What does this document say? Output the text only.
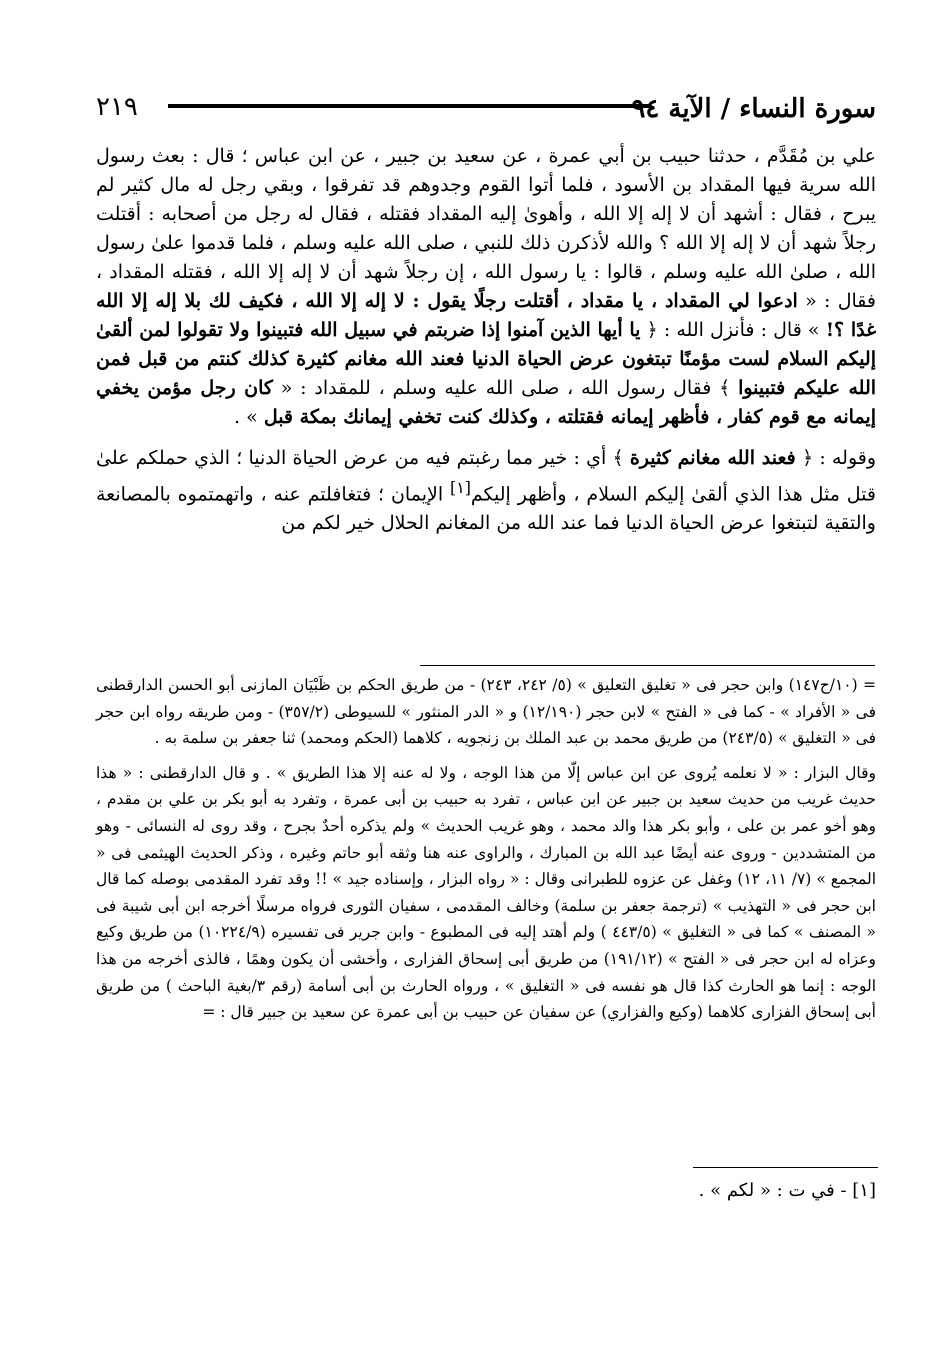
سورة النساء / الآية ٩٤
٢١٩

علي بن مُقَدَّم ، حدثنا حبيب بن أبي عمرة ، عن سعيد بن جبير ، عن ابن عباس ؛ قال : بعث رسول الله سرية فيها المقداد بن الأسود ، فلما أتوا القوم وجدوهم قد تفرقوا ، وبقي رجل له مال كثير لم يبرح ، فقال : أشهد أن لا إله إلا الله ، وأهوىٰ إليه المقداد فقتله ، فقال له رجل من أصحابه : أقتلت رجلاً شهد أن لا إله إلا الله ؟ والله لأذكرن ذلك للنبي ، صلى الله عليه وسلم ، فلما قدموا علىٰ رسول الله ، صلىٰ الله عليه وسلم ، قالوا : يا رسول الله ، إن رجلاً شهد أن لا إله إلا الله ، فقتله المقداد ، فقال : « ادعوا لي المقداد ، يا مقداد ، أقتلت رجلًا يقول : لا إله إلا الله ، فكيف لك بلا إله إلا الله غدًا ؟! » قال : فأنزل الله : ﴿ يا أيها الذين آمنوا إذا ضربتم في سبيل الله فتبينوا ولا تقولوا لمن ألقىٰ إليكم السلام لست مؤمنًا تبتغون عرض الحياة الدنيا فعند الله مغانم كثيرة كذلك كنتم من قبل فمن الله عليكم فتبينوا ﴾ فقال رسول الله ، صلى الله عليه وسلم ، للمقداد : « كان رجل مؤمن يخفي إيمانه مع قوم كفار ، فأظهر إيمانه فقتلته ، وكذلك كنت تخفي إيمانك بمكة قبل » .

وقوله : ﴿ فعند الله مغانم كثيرة ﴾ أي : خير مما رغبتم فيه من عرض الحياة الدنيا ؛ الذي حملكم علىٰ قتل مثل هذا الذي ألقىٰ إليكم السلام ، وأظهر إليكم[١] الإيمان ؛ فتغافلتم عنه ، واتهمتموه بالمصانعة والتقية لتبتغوا عرض الحياة الدنيا فما عند الله من المغانم الحلال خير لكم من

= (١٠/ح١٤٧) وابن حجر فى « تغليق التعليق » (٥/ ٢٤٢، ٢٤٣) - من طريق الحكم بن ظَبْيَان المازنى أبو الحسن الدارقطنى فى « الأفراد » - كما فى « الفتح » لابن حجر (١٢/١٩٠) و « الدر المنثور » للسيوطى (٣٥٧/٢) - ومن طريقه رواه ابن حجر فى « التغليق » (٢٤٣/٥) من طريق محمد بن عبد الملك بن زنجويه ، كلاهما (الحكم ومحمد) ثنا جعفر بن سلمة به .

وقال البزار : « لا نعلمه يُروى عن ابن عباس إلّا من هذا الوجه ، ولا له عنه إلا هذا الطريق » . و قال الدارقطنى : « هذا حديث غريب من حديث سعيد بن جبير عن ابن عباس ، تفرد به حبيب بن أبى عمرة ، وتفرد به أبو بكر بن علي بن مقدم ، وهو أخو عمر بن على ، وأبو بكر هذا والد محمد ، وهو غريب الحديث » ولم يذكره أحدٌ بجرح ، وقد روى له النسائى - وهو من المتشددين - وروى عنه أيضًا عبد الله بن المبارك ، والراوى عنه هنا وثقه أبو حاتم وغيره ، وذكر الحديث الهيثمى فى « المجمع » (٧/ ١١، ١٢) وغفل عن عزوه للطبرانى وقال : « رواه البزار ، وإسناده جيد » !! وقد تفرد المقدمى بوصله كما قال ابن حجر فى « التهذيب » (ترجمة جعفر بن سلمة) وخالف المقدمى ، سفيان الثورى فرواه مرسلًا أخرجه ابن أبى شيبة فى « المصنف » كما فى « التغليق » (٤٤٣/٥ ) ولم أهتد إليه فى المطبوع - وابن جرير فى تفسيره (١٠٢٢٤/٩) من طريق وكيع وعزاه له ابن حجر فى « الفتح » (١٩١/١٢) من طريق أبى إسحاق الفزارى ، وأخشى أن يكون وهمًا ، فالذى أخرجه من هذا الوجه : إنما هو الحارث كذا قال هو نفسه فى « التغليق » ، ورواه الحارث بن أبى أسامة (رقم ٣/بغية الباحث ) من طريق أبى إسحاق الفزارى كلاهما (وكيع والفزاري) عن سفيان عن حبيب بن أبى عمرة عن سعيد بن جبير قال : =

[١] - في ت : « لكم » .
